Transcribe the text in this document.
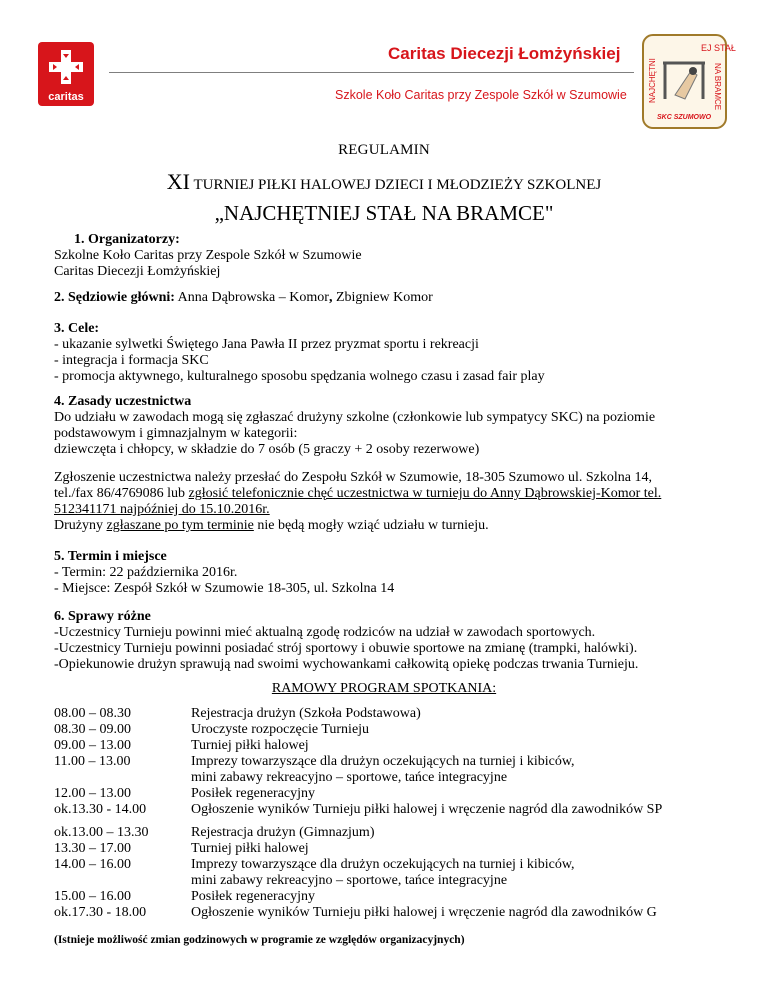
caritas
Caritas Diecezji Łomżyńskiej
Szkole Koło Caritas przy Zespole Szkół w Szumowie
EJ STAŁ
NAJCHĘTNI	NA BRAMCE
SKC SZUMOWO
REGULAMIN
XI TURNIEJ PIŁKI HALOWEJ DZIECI I MŁODZIEŻY SZKOLNEJ
„NAJCHĘTNIEJ STAŁ NA BRAMCE"
1. Organizatorzy:
Szkolne Koło Caritas przy Zespole Szkół w Szumowie
Caritas Diecezji Łomżyńskiej
2. Sędziowie główni: Anna Dąbrowska – Komor, Zbigniew Komor
3. Cele:
- ukazanie sylwetki Świętego Jana Pawła II przez pryzmat sportu i rekreacji
- integracja i formacja SKC
- promocja aktywnego, kulturalnego sposobu spędzania wolnego czasu i zasad fair play
4. Zasady uczestnictwa
Do udziału w zawodach mogą się zgłaszać drużyny szkolne (członkowie lub sympatycy SKC) na poziomie
podstawowym i gimnazjalnym w kategorii:
dziewczęta i chłopcy, w składzie do 7 osób (5 graczy + 2 osoby rezerwowe)
Zgłoszenie uczestnictwa należy przesłać do Zespołu Szkół w Szumowie, 18-305 Szumowo ul. Szkolna 14,
tel./fax 86/4769086 lub zgłosić telefonicznie chęć uczestnictwa w turnieju do Anny Dąbrowskiej-Komor tel.
512341171 najpóźniej do 15.10.2016r.
Drużyny zgłaszane po tym terminie nie będą mogły wziąć udziału w turnieju.
5. Termin i miejsce
- Termin: 22 października 2016r.
- Miejsce: Zespół Szkół w Szumowie 18-305, ul. Szkolna 14
6. Sprawy różne
-Uczestnicy Turnieju powinni mieć aktualną zgodę rodziców na udział w zawodach sportowych.
-Uczestnicy Turnieju powinni posiadać strój sportowy i obuwie sportowe na zmianę (trampki, halówki).
-Opiekunowie drużyn sprawują nad swoimi wychowankami całkowitą opiekę podczas trwania Turnieju.
RAMOWY PROGRAM SPOTKANIA:
08.00 – 08.30
08.30 – 09.00
09.00 – 13.00
11.00 – 13.00
12.00 – 13.00
ok.13.30 - 14.00
Rejestracja drużyn (Szkoła Podstawowa)
Uroczyste rozpoczęcie Turnieju
Turniej piłki halowej
Imprezy towarzyszące dla drużyn oczekujących na turniej i kibiców,
mini zabawy rekreacyjno – sportowe, tańce integracyjne
Posiłek regeneracyjny
Ogłoszenie wyników Turnieju piłki halowej i wręczenie nagród dla zawodników SP
ok.13.00 – 13.30
13.30 – 17.00
14.00 – 16.00
15.00 – 16.00
ok.17.30 - 18.00
Rejestracja drużyn (Gimnazjum)
Turniej piłki halowej
Imprezy towarzyszące dla drużyn oczekujących na turniej i kibiców,
mini zabawy rekreacyjno – sportowe, tańce integracyjne
Posiłek regeneracyjny
Ogłoszenie wyników Turnieju piłki halowej i wręczenie nagród dla zawodników G
(Istnieje możliwość zmian godzinowych w programie ze względów organizacyjnych)
